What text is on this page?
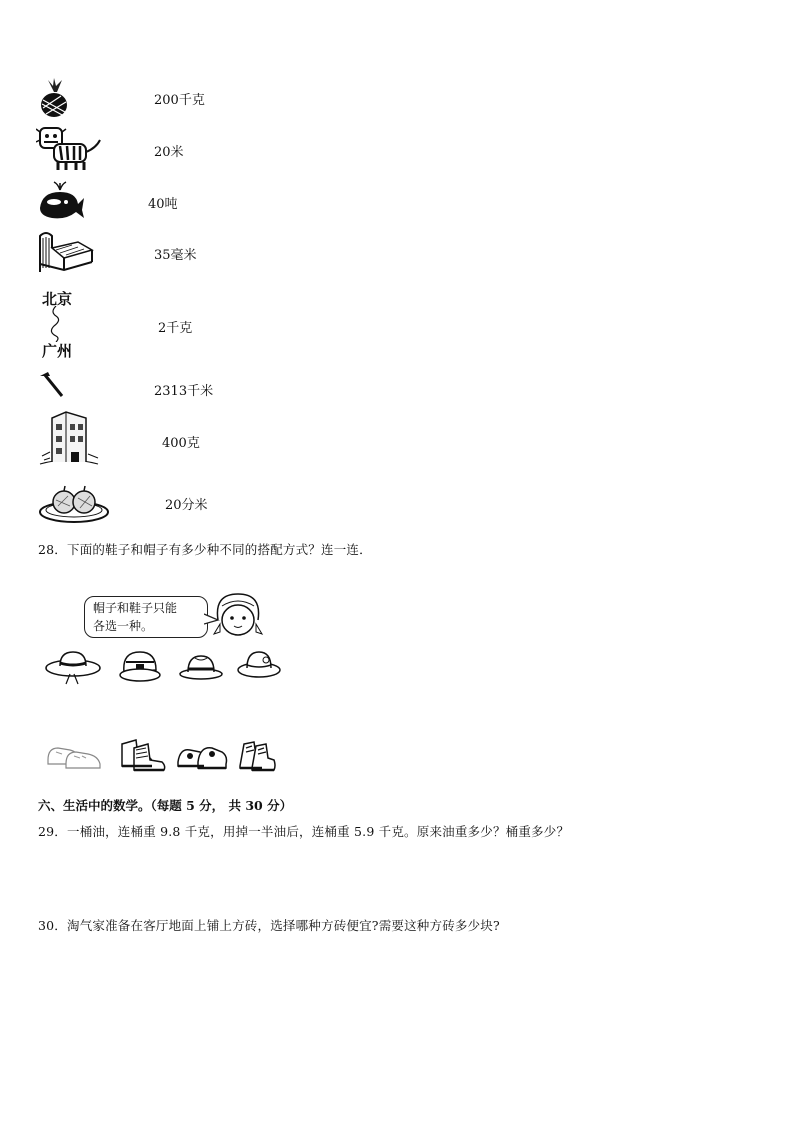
200千克
20米
40吨
35毫米
北京
广州
2千克
2313千米
400克
20分米
28．下面的鞋子和帽子有多少种不同的搭配方式？连一连．
帽子和鞋子只能
各选一种。
六、生活中的数学。（每题 5 分， 共 30 分）
29．一桶油，连桶重 9.8 千克，用掉一半油后，连桶重 5.9 千克。原来油重多少？桶重多少？
30．淘气家准备在客厅地面上铺上方砖，选择哪种方砖便宜?需要这种方砖多少块?
